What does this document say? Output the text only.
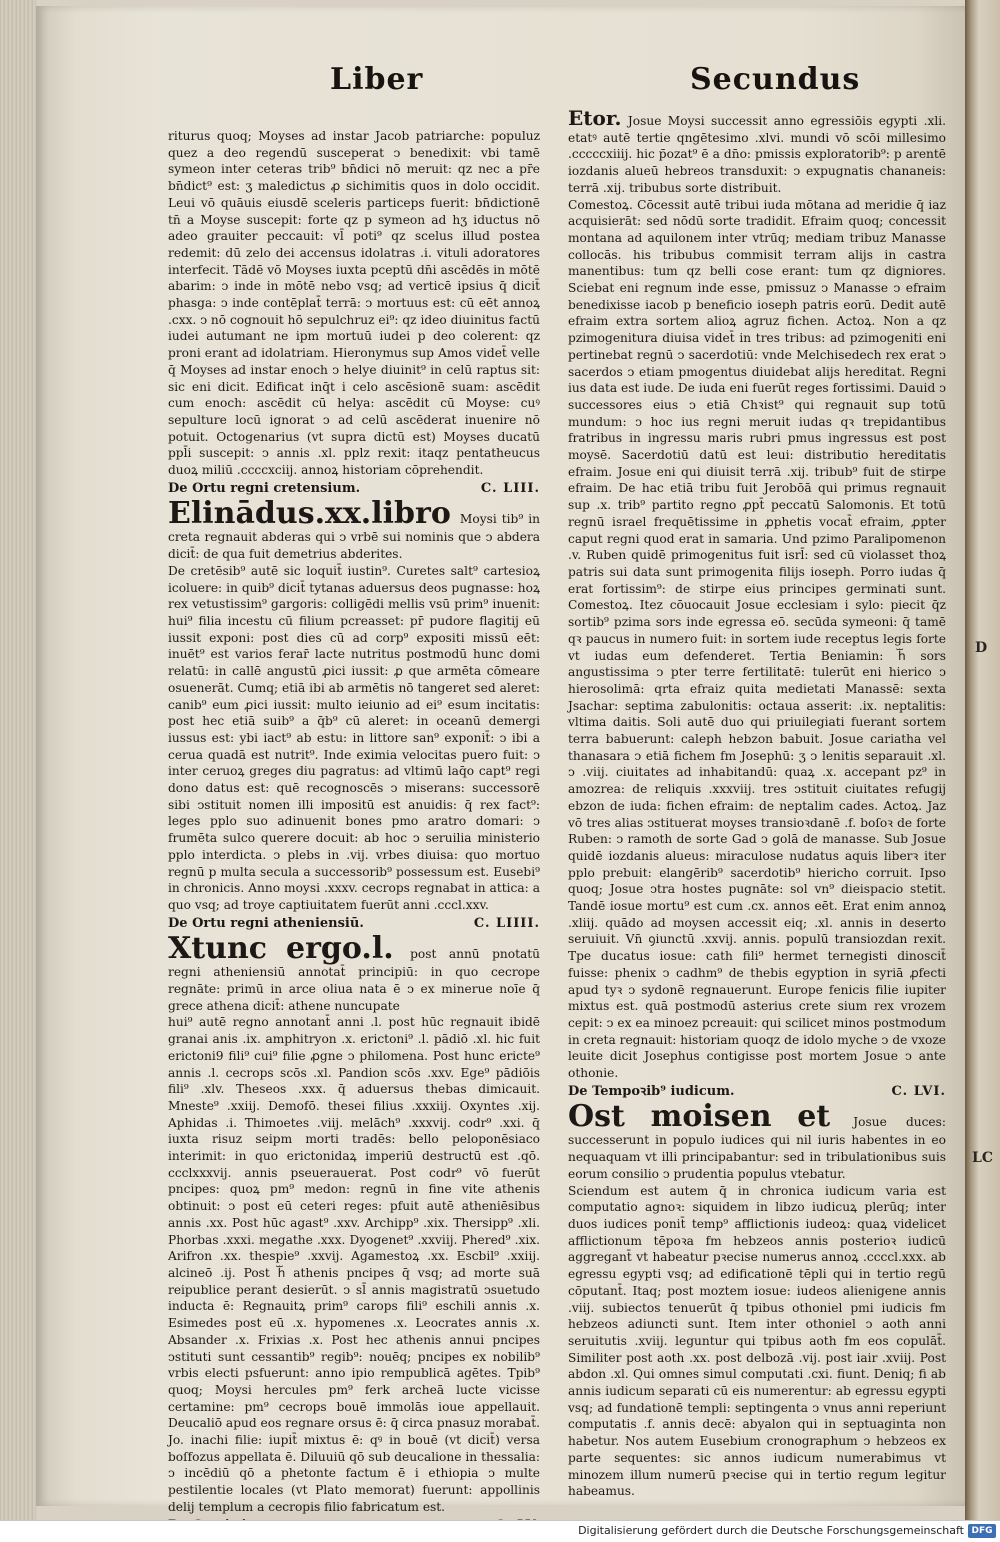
Liber	Secundus

riturus quoq; Moyses ad instar Jacob patriarche: populuz quez a deo regendū susceperat ↄ benedixit: vbi tamē symeon inter ceteras trib⁹ bn̄dici nō meruit: qz nec a pr̄e bn̄dict⁹ est: ʒ maledictus ꝓ sichimitis quos in dolo occidit. Leui vō quāuis eiusdē sceleris particeps fuerit: bn̄dictionē tn̄ a Moyse suscepit: forte qz p symeon ad hʒ iductus nō adeo grauiter peccauit: vl̄ poti⁹ qz scelus illud postea redemit: dū zelo dei accensus idolatras .i. vituli adoratores interfecit. Tādē vō Moyses iuxta pceptū dn̄i ascēdēs in mōtē abarim: ↄ inde in mōtē nebo vsq; ad verticē ipsius q̄ dicit̄ phasga: ↄ inde contēplat̄ terrā: ↄ mortuus est: cū eēt annoꝝ .cxx. ↄ nō cognouit hō sepulchruz ei⁹: qz ideo diuinitus factū iudei autumant ne ipm mortuū iudei p deo colerent: qz proni erant ad idolatriam. Hieronymus sup Amos videt̄ velle q̄ Moyses ad instar enoch ↄ helye diuinit⁹ in celū raptus sit: sic eni dicit. Edificat inq̄t i celo ascēsionē suam: ascēdit cum enoch: ascēdit cū helya: ascēdit cū Moyse: cuꝰ sepulture locū ignorat ↄ ad celū ascēderat inuenire nō potuit. Octogenarius (vt supra dictū est) Moyses ducatū ppl̄i suscepit: ↄ annis .xl. pplz rexit: itaqz pentatheucus duoꝝ miliū .ccccxciij. annoꝝ historiam cōprehendit.

De Ortu regni cretensium.	C. LIII.

Elinādus.xx.libro Moysi tib⁹ in creta regnauit abderas qui ↄ vrbē sui nominis que ↄ abdera dicit̄: de qua fuit demetrius abderites.

De cretēsib⁹ autē sic loquit̄ iustin⁹. Curetes salt⁹ cartesioꝝ icoluere: in quib⁹ dicit̄ tytanas aduersus deos pugnasse: hoꝝ rex vetustissim⁹ gargoris: colligēdi mellis vsū prim⁹ inuenit: hui⁹ filia incestu cū filium pcreasset: pr̄ pudore flagitij eū iussit exponi: post dies cū ad corp⁹ expositi missū eēt: inuēt⁹ est varios ferar̄ lacte nutritus postmodū hunc domi relatū: in callē angustū ꝓici iussit: ꝓ que armēta cōmeare osuenerāt. Cumq; etiā ibi ab armētis nō tangeret sed aleret: canib⁹ eum ꝓici iussit: multo ieiunio ad ei⁹ esum incitatis: post hec etiā suib⁹ a q̄b⁹ cū aleret: in oceanū demergi iussus est: ybi iact⁹ ab estu: in littore san⁹ exponit̄: ↄ ibi a cerua quadā est nutrit⁹. Inde eximia velocitas puero fuit: ↄ inter ceruoꝝ greges diu pagratus: ad vltimū laq̄o capt⁹ regi dono datus est: quē recognoscēs ↄ miserans: successorē sibi ↄstituit nomen illi impositū est anuidis: q̄ rex fact⁹: leges pplo suo adinuenit bones pmo aratro domari: ↄ frumēta sulco querere docuit: ab hoc ↄ seruilia ministerio pplo interdicta. ↄ plebs in .vij. vrbes diuisa: quo mortuo regnū p multa secula a successorib⁹ possessum est. Eusebi⁹ in chronicis. Anno moysi .xxxv. cecrops regnabat in attica: a quo vsq; ad troye captiuitatem fuerūt anni .cccl.xxv.

De Ortu regni atheniensiū.	C. LIIII.

Xtunc ergo.l. post annū pnotatū regni atheniensiū annotat̄ principiū: in quo cecrope regnāte: primū in arce oliua nata ē ↄ ex minerue noīe q̄ grece athena dicit̄: athene nuncupate

hui⁹ autē regno annotant̄ anni .l. post hūc regnauit ibidē granai anis .ix. amphitryon .x. erictoni⁹ .l. pādiō .xl. hic fuit erictoni9 fili⁹ cui⁹ filie ꝓgne ↄ philomena. Post hunc ericte⁹ annis .l. cecrops scōs .xl. Pandion scōs .xxv. Ege⁹ pādiōis fili⁹ .xlv. Theseos .xxx. q̄ aduersus thebas dimicauit. Mneste⁹ .xxiij. Demofō. thesei filius .xxxiij. Oxyntes .xij. Aphidas .i. Thimoetes .viij. melāch⁹ .xxxvij. codr⁹ .xxi. q̄ iuxta risuz seipm morti tradēs: bello peloponēsiaco interimit: in quo erictonidaꝝ imperiū destructū est .qō. ccclxxxvij. annis pseuerauerat. Post codr⁹ vō fuerūt pncipes: quoꝝ pm⁹ medon: regnū in fine vite athenis obtinuit: ↄ post eū ceteri reges: pfuit autē atheniēsibus annis .xx. Post hūc agast⁹ .xxv. Archipp⁹ .xix. Thersipp⁹ .xli. Phorbas .xxxi. megathe .xxx. Dyogenet⁹ .xxviij. Phered⁹ .xix. Arifron .xx. thespie⁹ .xxvij. Agamestoꝝ .xx. Escbil⁹ .xxiij. alcineō .ij. Post hᷓ athenis pncipes q̄ vsq; ad morte suā reipublice perant desierūt. ↄ sl̄ annis magistratū ↄsuetudo inducta ē: Regnauitꝝ prim⁹ carops fili⁹ eschili annis .x. Esimedes post eū .x. hypomenes .x. Leocrates annis .x. Absander .x. Frixias .x. Post hec athenis annui pncipes ↄstituti sunt cessantib⁹ regib⁹: nouēq; pncipes ex nobilib⁹ vrbis electi psfuerunt: anno ipio rempublicā agētes. Tpib⁹ quoq; Moysi hercules pm⁹ ferk archeā lucte vicisse certamine: pm⁹ cecrops bouē immolās ioue appellauit. Deucaliō apud eos regnare orsus ē: q̄ circa pnasuz morabat̄. Jo. inachi filie: iupit̄ mixtus ē: qꝰ in bouē (vt dicit̄) versa boſfozus appellata ē. Diluuiū qō sub deucalione in thessalia: ↄ incēdiū qō a phetonte factum ē i ethiopia ↄ multe pestilentie locales (vt Plato memorat) fuerunt: appollinis delij templum a cecropis filio fabricatum est.

Etor. Josue Moysi successit anno egressiōis egypti .xli. etatꝰ autē tertie qngētesimo .xlvi. mundi vō scōi millesimo .cccccxiiij. hic p̄ozat⁹ ē a dn̄o: pmissis exploratorib⁹: p arentē iozdanis alueū hebreos transduxit: ↄ expugnatis chananeis: terrā .xij. tribubus sorte distribuit.

Comestoꝝ. Cōcessit autē tribui iuda mōtana ad meridie q̄ iaz acquisierāt: sed nōdū sorte tradidit. Efraim quoq; concessit montana ad aquilonem inter vtrūq; mediam tribuz Manasse collocās. his tribubus commisit terram alijs in castra manentibus: tum qz belli cose erant: tum qz digniores. Sciebat eni regnum inde esse, pmissuz ↄ Manasse ↄ efraim benedixisse iacob p beneficio ioseph patris eorū. Dedit autē efraim extra sortem alioꝝ agruz fichen. Actoꝝ. Non a qz pzimogenitura diuisa videt̄ in tres tribus: ad pzimogeniti eni pertinebat regnū ↄ sacerdotiū: vnde Melchisedech rex erat ↄ sacerdos ↄ etiam pmogentus diuidebat alijs hereditat. Regni ius data est iude. De iuda eni fuerūt reges fortissimi. Dauid ↄ successores eius ↄ etiā Chꝛist⁹ qui regnauit sup totū mundum: ↄ hoc ius regni meruit iudas qꝛ trepidantibus fratribus in ingressu maris rubri pmus ingressus est post moysē. Sacerdotiū datū est leui: distributio hereditatis efraim. Josue eni qui diuisit terrā .xij. tribub⁹ fuit de stirpe efraim. De hac etiā tribu fuit Jerobōā qui primus regnauit sup .x. trib⁹ partito regno ꝓpt̄ peccatū Salomonis. Et totū regnū israel frequētissime in ꝓphetis vocat̄ efraim, ꝓpter caput regni quod erat in samaria. Und pzimo Paralipomenon .v. Ruben quidē primogenitus fuit isrl̄: sed cū violasset thoꝝ patris sui data sunt primogenita filijs ioseph. Porro iudas q̄ erat fortissim⁹: de stirpe eius principes germinati sunt. Comestoꝝ. Itez cōuocauit Josue ecclesiam i sylo: piecit q̄z sortib⁹ pzima sors inde egressa eō. secūda symeoni: q̄ tamē qꝛ paucus in numero fuit: in sortem iude receptus legis forte vt iudas eum defenderet. Tertia Beniamin: hᷓ sors angustissima ↄ pter terre fertilitatē: tulerūt eni hierico ↄ hierosolimā: qrta efraiz quita medietati Manassē: sexta Jsachar: septima zabulonitis: octaua asserit: .ix. neptalitis: vltima daitis. Soli autē duo qui priuilegiati fuerant sortem terra babuerunt: caleph hebzon babuit. Josue cariatha vel thanasara ↄ etiā fichem fm Josephū: ʒ ↄ lenitis separauit .xl. ↄ .viij. ciuitates ad inhabitandū: quaꝝ .x. accepant pz⁹ in amozrea: de reliquis .xxxviij. tres ↄstituit ciuitates refugij ebzon de iuda: fichen efraim: de neptalim cades. Actoꝝ. Jaz vō tres alias ↄstituerat moyses transioꝛdanē .f. boſoꝛ de forte Ruben: ↄ ramoth de sorte Gad ↄ golā de manasse. Sub Josue quidē iozdanis alueus: miraculose nudatus aquis liberꝛ iter pplo prebuit: elangērib⁹ sacerdotib⁹ hiericho corruit. Ipso quoq; Josue ↄtra hostes pugnāte: sol vn⁹ dieispacio stetit. Tandē iosue mortu⁹ est cum .cx. annos eēt. Erat enim annoꝝ .xliij. quādo ad moysen accessit eiq; .xl. annis in deserto seruiuit. Vn̄ ꝯiunctū .xxvij. annis. populū transiozdan rexit. Tpe ducatus iosue: cath fili⁹ hermet ternegisti dinoscit̄ fuisse: phenix ↄ cadhm⁹ de thebis egyption in syriā ꝓfecti apud tyꝛ ↄ sydonē regnauerunt. Europe fenicis filie iupiter mixtus est. quā postmodū asterius crete sium rex vrozem cepit: ↄ ex ea minoez pcreauit: qui scilicet minos postmodum in creta regnauit: historiam quoqz de idolo myche ↄ de vxoze leuite dicit Josephus contigisse post mortem Josue ↄ ante othonie.

De Tempoꝛib⁹ iudicum.	C. LVI.

Ost moisen et Josue duces: successerunt in populo iudices qui nil iuris habentes in eo nequaquam vt illi principabantur: sed in tribulationibus suis eorum consilio ↄ prudentia populus vtebatur.

Sciendum est autem q̄ in chronica iudicum varia est computatio agnoꝛ: siquidem in libzo iudicuꝝ plerūq; inter duos iudices ponit̄ temp⁹ afflictionis iudeoꝝ: quaꝝ videlicet afflictionum tēpoꝛa fm hebzeos annis posterioꝛ iudicū aggregant̄ vt habeatur pꝛecise numerus annoꝝ .ccccl.xxx. ab egressu egypti vsq; ad edificationē tēpli qui in tertio regū cōputant̄. Itaq; post moztem iosue: iudeos alienigene annis .viij. subiectos tenuerūt q̄ tpibus othoniel pmi iudicis fm hebzeos adiuncti sunt. Item inter othoniel ↄ aoth anni seruitutis .xviij. leguntur qui tpibus aoth fm eos copulāt̄. Similiter post aoth .xx. post delbozā .vij. post iair .xviij. Post abdon .xl. Qui omnes simul computati .cxi. fiunt. Deniq; fi ab annis iudicum separati cū eis numerentur: ab egressu egypti vsq; ad fundationē templi: septingenta ↄ vnus anni reperiunt computatis .f. annis decē: abyalon qui in septuaginta non habetur. Nos autem Eusebium cronographum ↄ hebzeos ex parte sequentes: sic annos iudicum numerabimus vt minozem illum numerū pꝛecise qui in tertio regum legitur habeamus.

D
LC
Digitalisierung gefördert durch die Deutsche Forschungsgemeinschaft DFG
